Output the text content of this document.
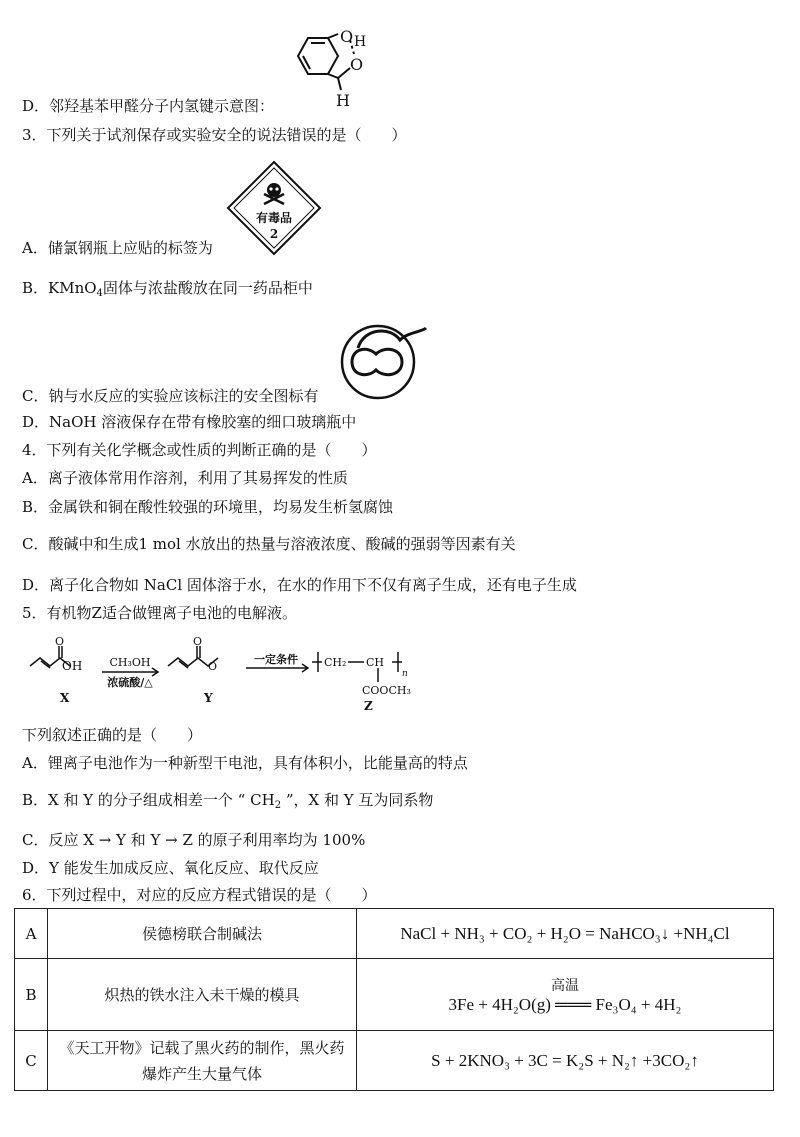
O H
O
H
D．邻羟基苯甲醛分子内氢键示意图：
3．下列关于试剂保存或实验安全的说法错误的是（　　）
有毒品
2
A．储氯钢瓶上应贴的标签为
B．KMnO$_4$固体与浓盐酸放在同一药品柜中
C．钠与水反应的实验应该标注的安全图标有
D．NaOH 溶液保存在带有橡胶塞的细口玻璃瓶中
4．下列有关化学概念或性质的判断正确的是（　　）
A．离子液体常用作溶剂，利用了其易挥发的性质
B．金属铁和铜在酸性较强的环境里，均易发生析氢腐蚀
C．酸碱中和生成1 mol 水放出的热量与溶液浓度、酸碱的强弱等因素有关
D．离子化合物如 NaCl 固体溶于水，在水的作用下不仅有离子生成，还有电子生成
5．有机物Z适合做锂离子电池的电解液。
OH
O	O
O
CH₃OH
浓硫酸/△
一定条件 CH₂ CH
n
COOCH₃
X	Y
Z
下列叙述正确的是（　　）
A．锂离子电池作为一种新型干电池，具有体积小，比能量高的特点
B．X 和 Y 的分子组成相差一个 “ $CH_2$ ”，X 和 Y 互为同系物
C．反应 X → Y 和 Y → Z 的原子利用率均为 100%
D．Y 能发生加成反应、氧化反应、取代反应
6．下列过程中，对应的反应方程式错误的是（　　）
A	侯德榜联合制碱法	NaCl + NH₃ + CO₂ + H₂O = NaHCO₃↓ +NH₄Cl
B	炽热的铁水注入未干燥的模具	高温
3Fe + 4H₂O(g) ═══ Fe₃O₄ + 4H₂

C	《天工开物》记载了黑火药的制作，黑火药爆炸产生大量气体	S + 2KNO₃ + 3C = K₂S + N₂↑ +3CO₂↑
